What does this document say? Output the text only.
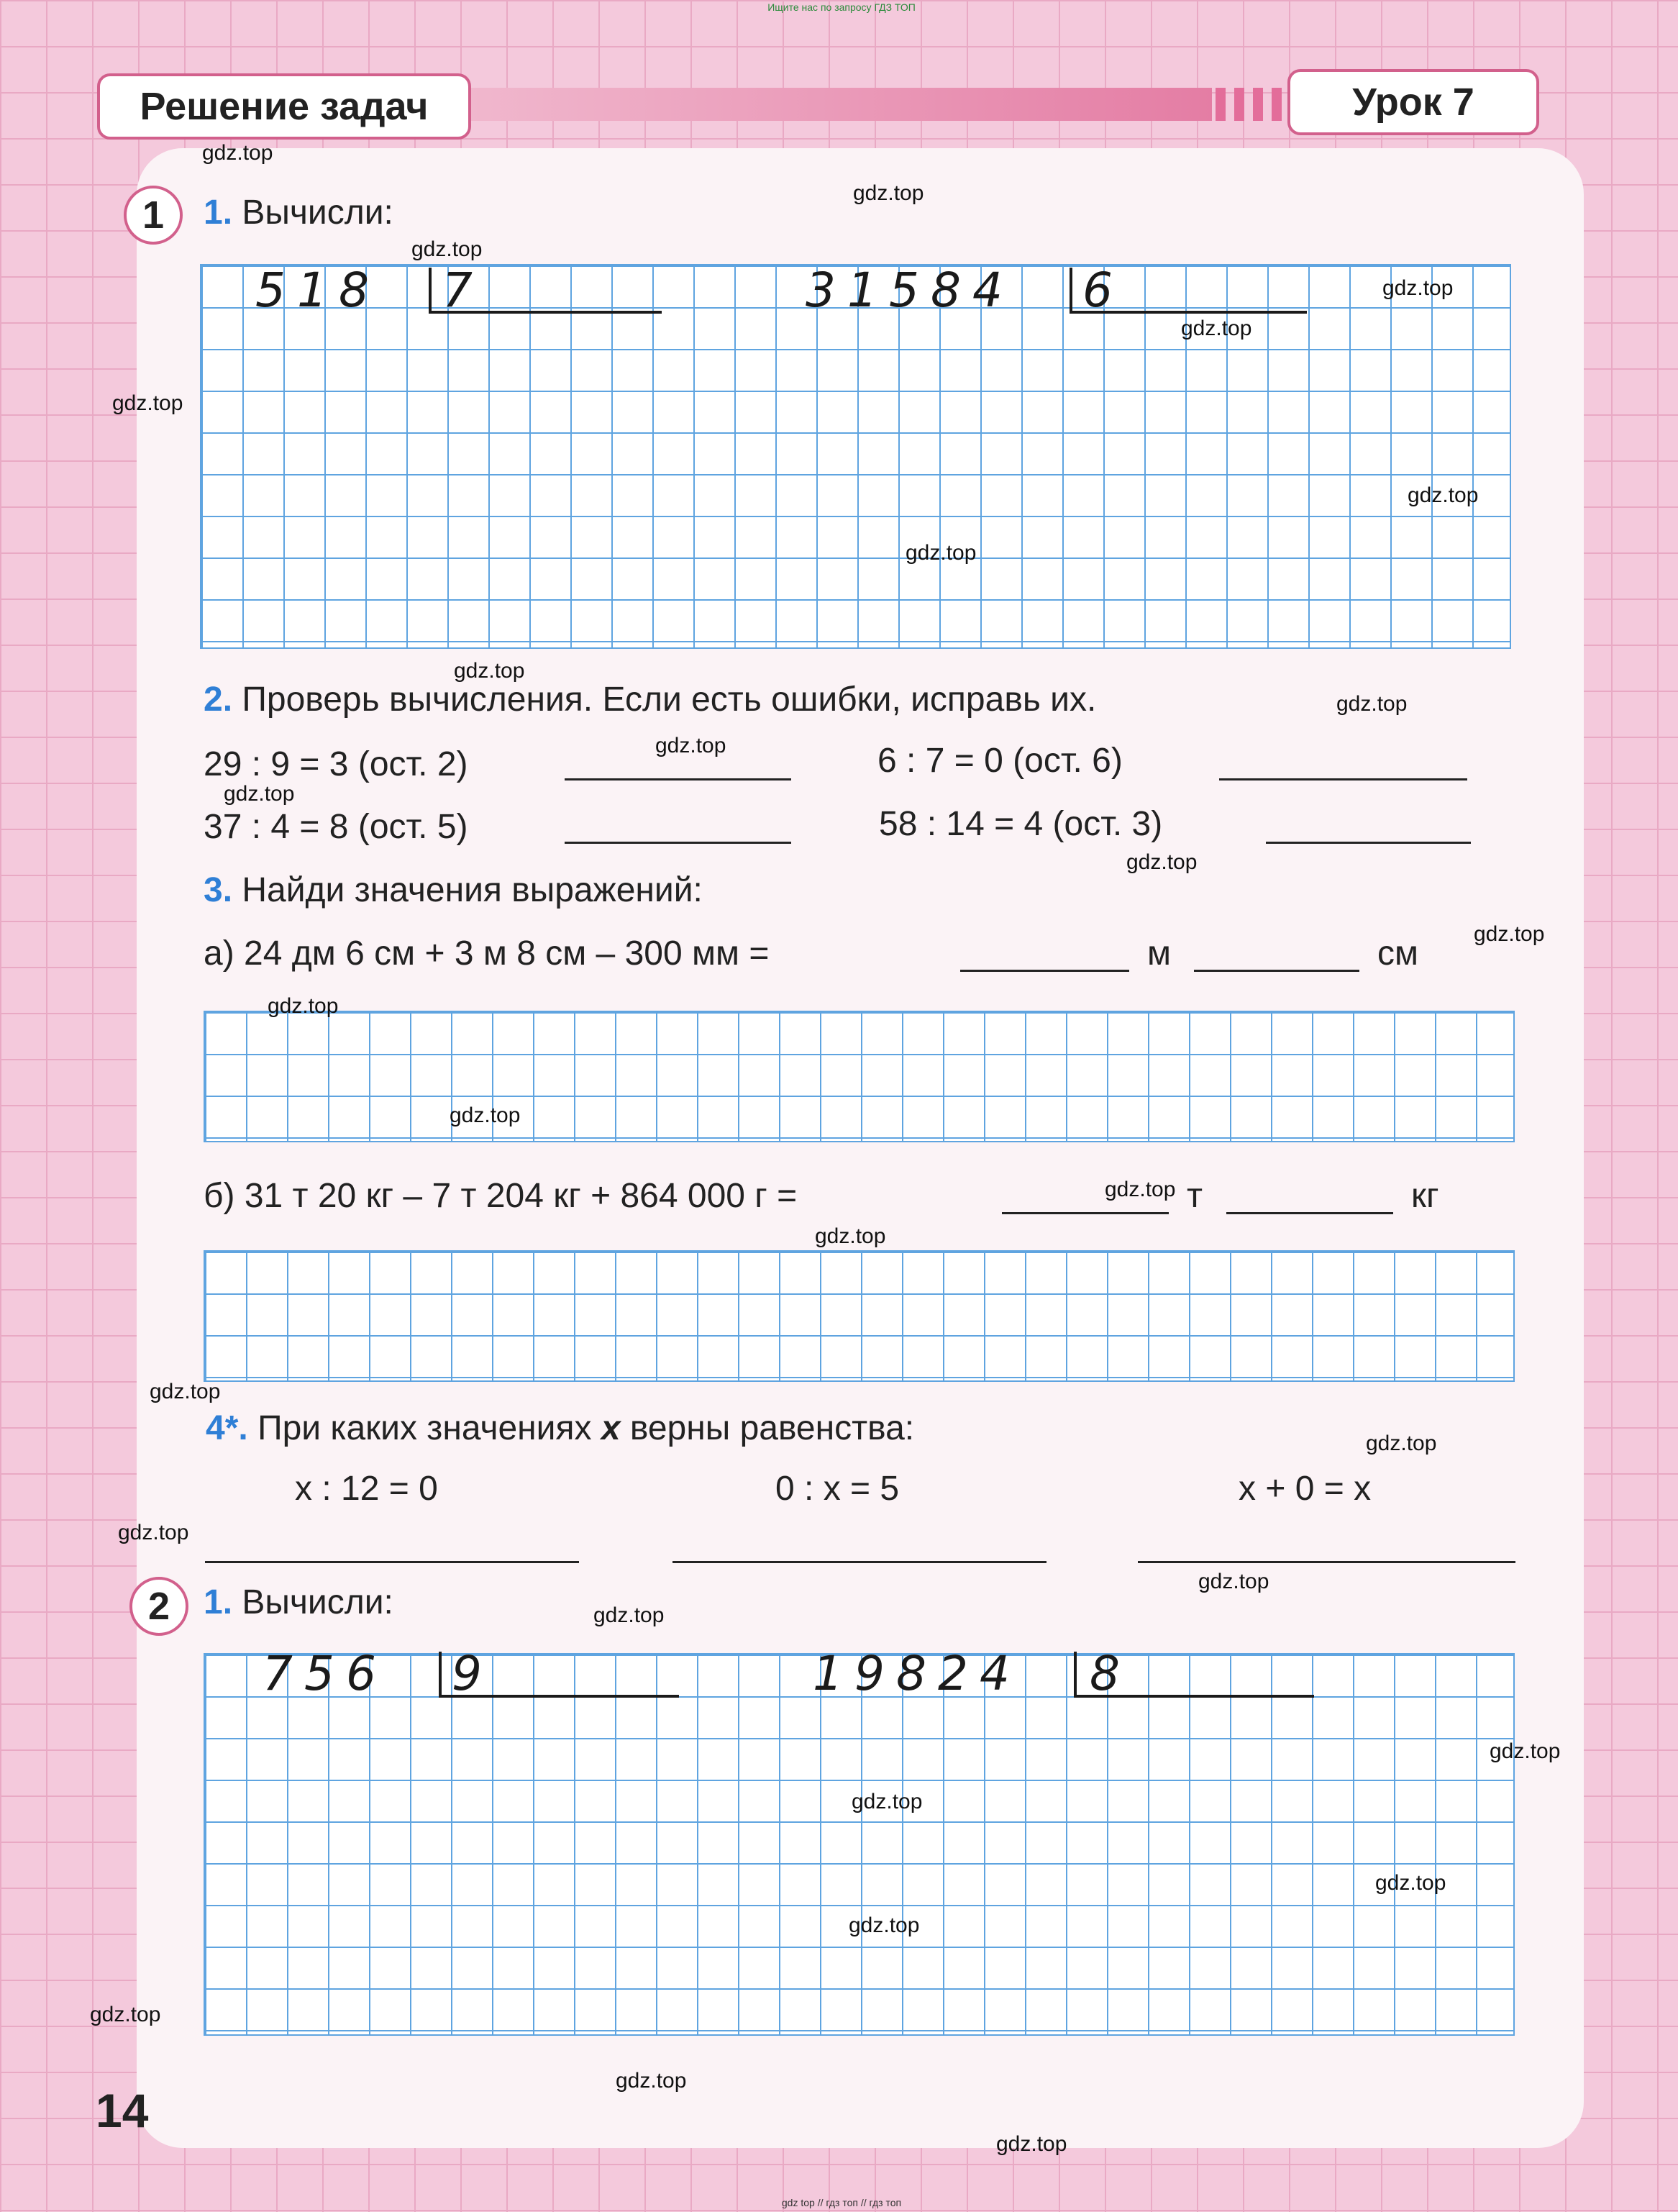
Ищите нас по запросу ГДЗ ТОП
Решение задач	Урок 7
1	1. Вычисли:
518 7	31584 6
2. Проверь вычисления. Если есть ошибки, исправь их.
29 : 9 = 3 (ост. 2)	6 : 7 = 0 (ост. 6)
37 : 4 = 8 (ост. 5)	58 : 14 = 4 (ост. 3)
3. Найди значения выражений:
а) 24 дм 6 см + 3 м 8 см – 300 мм =	м	см
б) 31 т 20 кг – 7 т 204 кг + 864 000 г =	т	кг
4*. При каких значениях x верны равенства:
x : 12 = 0	0 : x = 5	x + 0 = x
2 1. Вычисли:
756 9	19824 8
14
gdz.top
gdz.top
gdz.top
gdz.top
gdz.top
gdz.top
gdz.top
gdz.top
gdz.top
gdz.top
gdz.top
gdz.top
gdz.top
gdz.top
gdz.top
gdz.top
gdz.top
gdz.top
gdz.top
gdz.top
gdz.top
gdz.top
gdz.top
gdz.top
gdz.top
gdz.top
gdz.top
gdz.top
gdz.top
gdz.top
gdz top // гдз топ // гдз топ
